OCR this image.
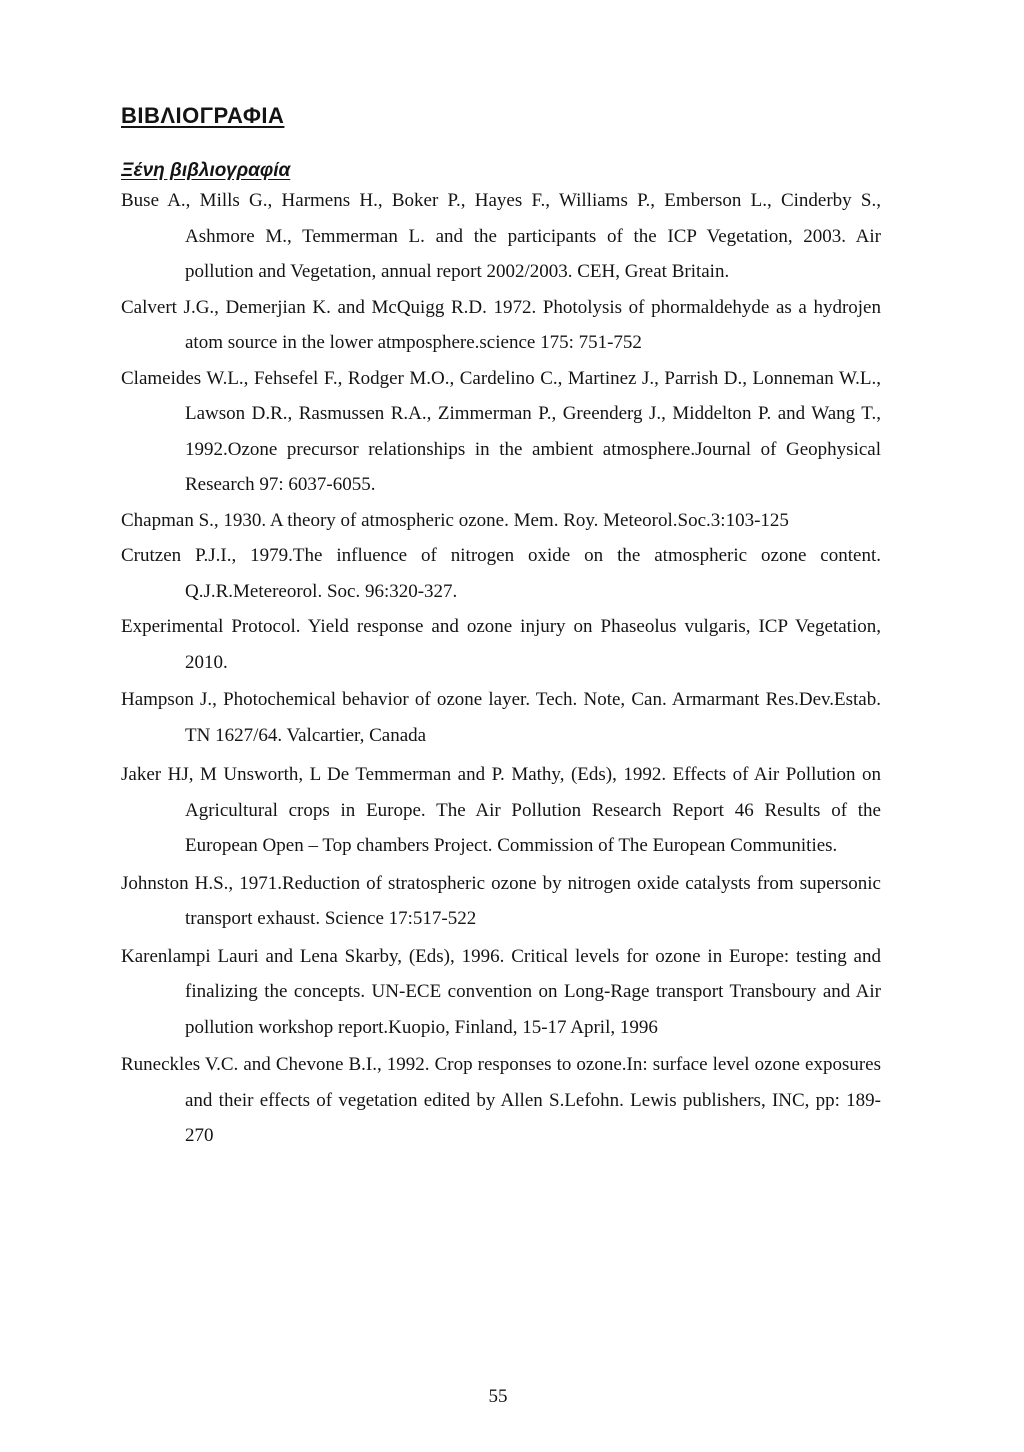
ΒΙΒΛΙΟΓΡΑΦΙΑ
Ξένη βιβλιογραφία

Buse A., Mills G., Harmens H., Boker P., Hayes F., Williams P., Emberson L., Cinderby S., Ashmore M., Temmerman L. and the participants of the ICP Vegetation, 2003. Air pollution and Vegetation, annual report 2002/2003. CEH, Great Britain.

Calvert J.G., Demerjian K. and McQuigg R.D. 1972. Photolysis of phormaldehyde as a hydrojen atom source in the lower atmposphere.science 175: 751-752

Clameides W.L., Fehsefel F., Rodger M.O., Cardelino C., Martinez J., Parrish D., Lonneman W.L., Lawson D.R., Rasmussen R.A., Zimmerman P., Greenderg J., Middelton P. and Wang T., 1992.Ozone precursor relationships in the ambient atmosphere.Journal of Geophysical Research 97: 6037-6055.

Chapman S., 1930. A theory of atmospheric ozone. Mem. Roy. Meteorol.Soc.3:103-125

Crutzen P.J.I., 1979.The influence of nitrogen oxide on the atmospheric ozone content. Q.J.R.Metereorol. Soc. 96:320-327.

Experimental Protocol. Yield response and ozone injury on Phaseolus vulgaris, ICP Vegetation, 2010.

Hampson J., Photochemical behavior of ozone layer. Tech. Note, Can. Armarmant Res.Dev.Estab. TN 1627/64. Valcartier, Canada

Jaker HJ, M Unsworth, L De Temmerman and P. Mathy, (Eds), 1992. Effects of Air Pollution on Agricultural crops in Europe. The Air Pollution Research Report 46 Results of the European Open – Top chambers Project. Commission of The European Communities.

Johnston H.S., 1971.Reduction of stratospheric ozone by nitrogen oxide catalysts from supersonic transport exhaust. Science 17:517-522

Karenlampi Lauri and Lena Skarby, (Eds), 1996. Critical levels for ozone in Europe: testing and finalizing the concepts. UN-ECE convention on Long-Rage transport Transboury and Air pollution workshop report.Kuopio, Finland, 15-17 April, 1996

Runeckles V.C. and Chevone B.I., 1992. Crop responses to ozone.In: surface level ozone exposures and their effects of vegetation edited by Allen S.Lefohn. Lewis publishers, INC, pp: 189-270

55
